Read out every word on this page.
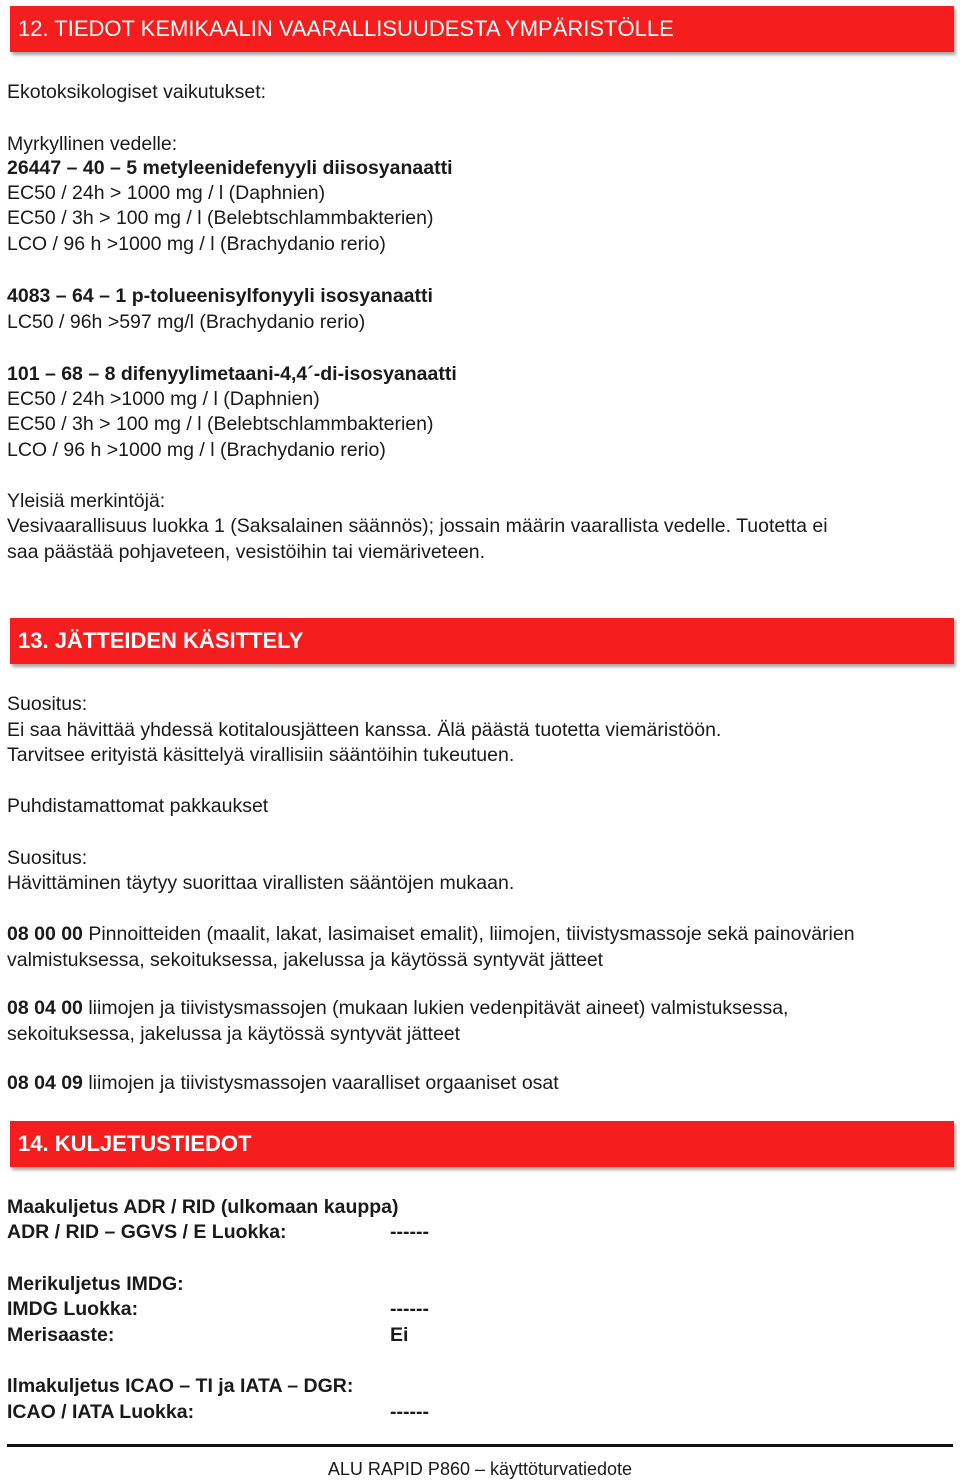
12. TIEDOT KEMIKAALIN VAARALLISUUDESTA YMPÄRISTÖLLE

Ekotoksikologiset vaikutukset:

Myrkyllinen vedelle:

26447 – 40 – 5 metyleenidefenyyli diisosyanaatti

EC50 / 24h > 1000 mg / l (Daphnien)

EC50 / 3h > 100 mg / l (Belebtschlammbakterien)

LCO / 96 h >1000 mg / l (Brachydanio rerio)

4083 – 64 – 1 p-tolueenisylfonyyli isosyanaatti

LC50 / 96h >597 mg/l (Brachydanio rerio)

101 – 68 – 8 difenyylimetaani-4,4´-di-isosyanaatti

EC50 / 24h >1000 mg / l (Daphnien)

EC50 / 3h > 100 mg / l (Belebtschlammbakterien)

LCO / 96 h >1000 mg / l (Brachydanio rerio)

Yleisiä merkintöjä:

Vesivaarallisuus luokka 1 (Saksalainen säännös); jossain määrin vaarallista vedelle. Tuotetta ei

saa päästää pohjaveteen, vesistöihin tai viemäriveteen.

13. JÄTTEIDEN KÄSITTELY

Suositus:

Ei saa hävittää yhdessä kotitalousjätteen kanssa. Älä päästä tuotetta viemäristöön.

Tarvitsee erityistä käsittelyä virallisiin sääntöihin tukeutuen.

Puhdistamattomat pakkaukset

Suositus:

Hävittäminen täytyy suorittaa virallisten sääntöjen mukaan.

08 00 00 Pinnoitteiden (maalit, lakat, lasimaiset emalit), liimojen, tiivistysmassoje sekä painovärien

valmistuksessa, sekoituksessa, jakelussa ja käytössä syntyvät jätteet

08 04 00 liimojen ja tiivistysmassojen (mukaan lukien vedenpitävät aineet) valmistuksessa,

sekoituksessa, jakelussa ja käytössä syntyvät jätteet

08 04 09 liimojen ja tiivistysmassojen vaaralliset orgaaniset osat

14. KULJETUSTIEDOT

Maakuljetus ADR / RID (ulkomaan kauppa)

ADR / RID – GGVS / E Luokka:	------

Merikuljetus IMDG:

IMDG Luokka:	------
Merisaaste:	Ei

Ilmakuljetus ICAO – TI ja IATA – DGR:

ICAO / IATA Luokka:	------
ALU RAPID P860 – käyttöturvatiedote
